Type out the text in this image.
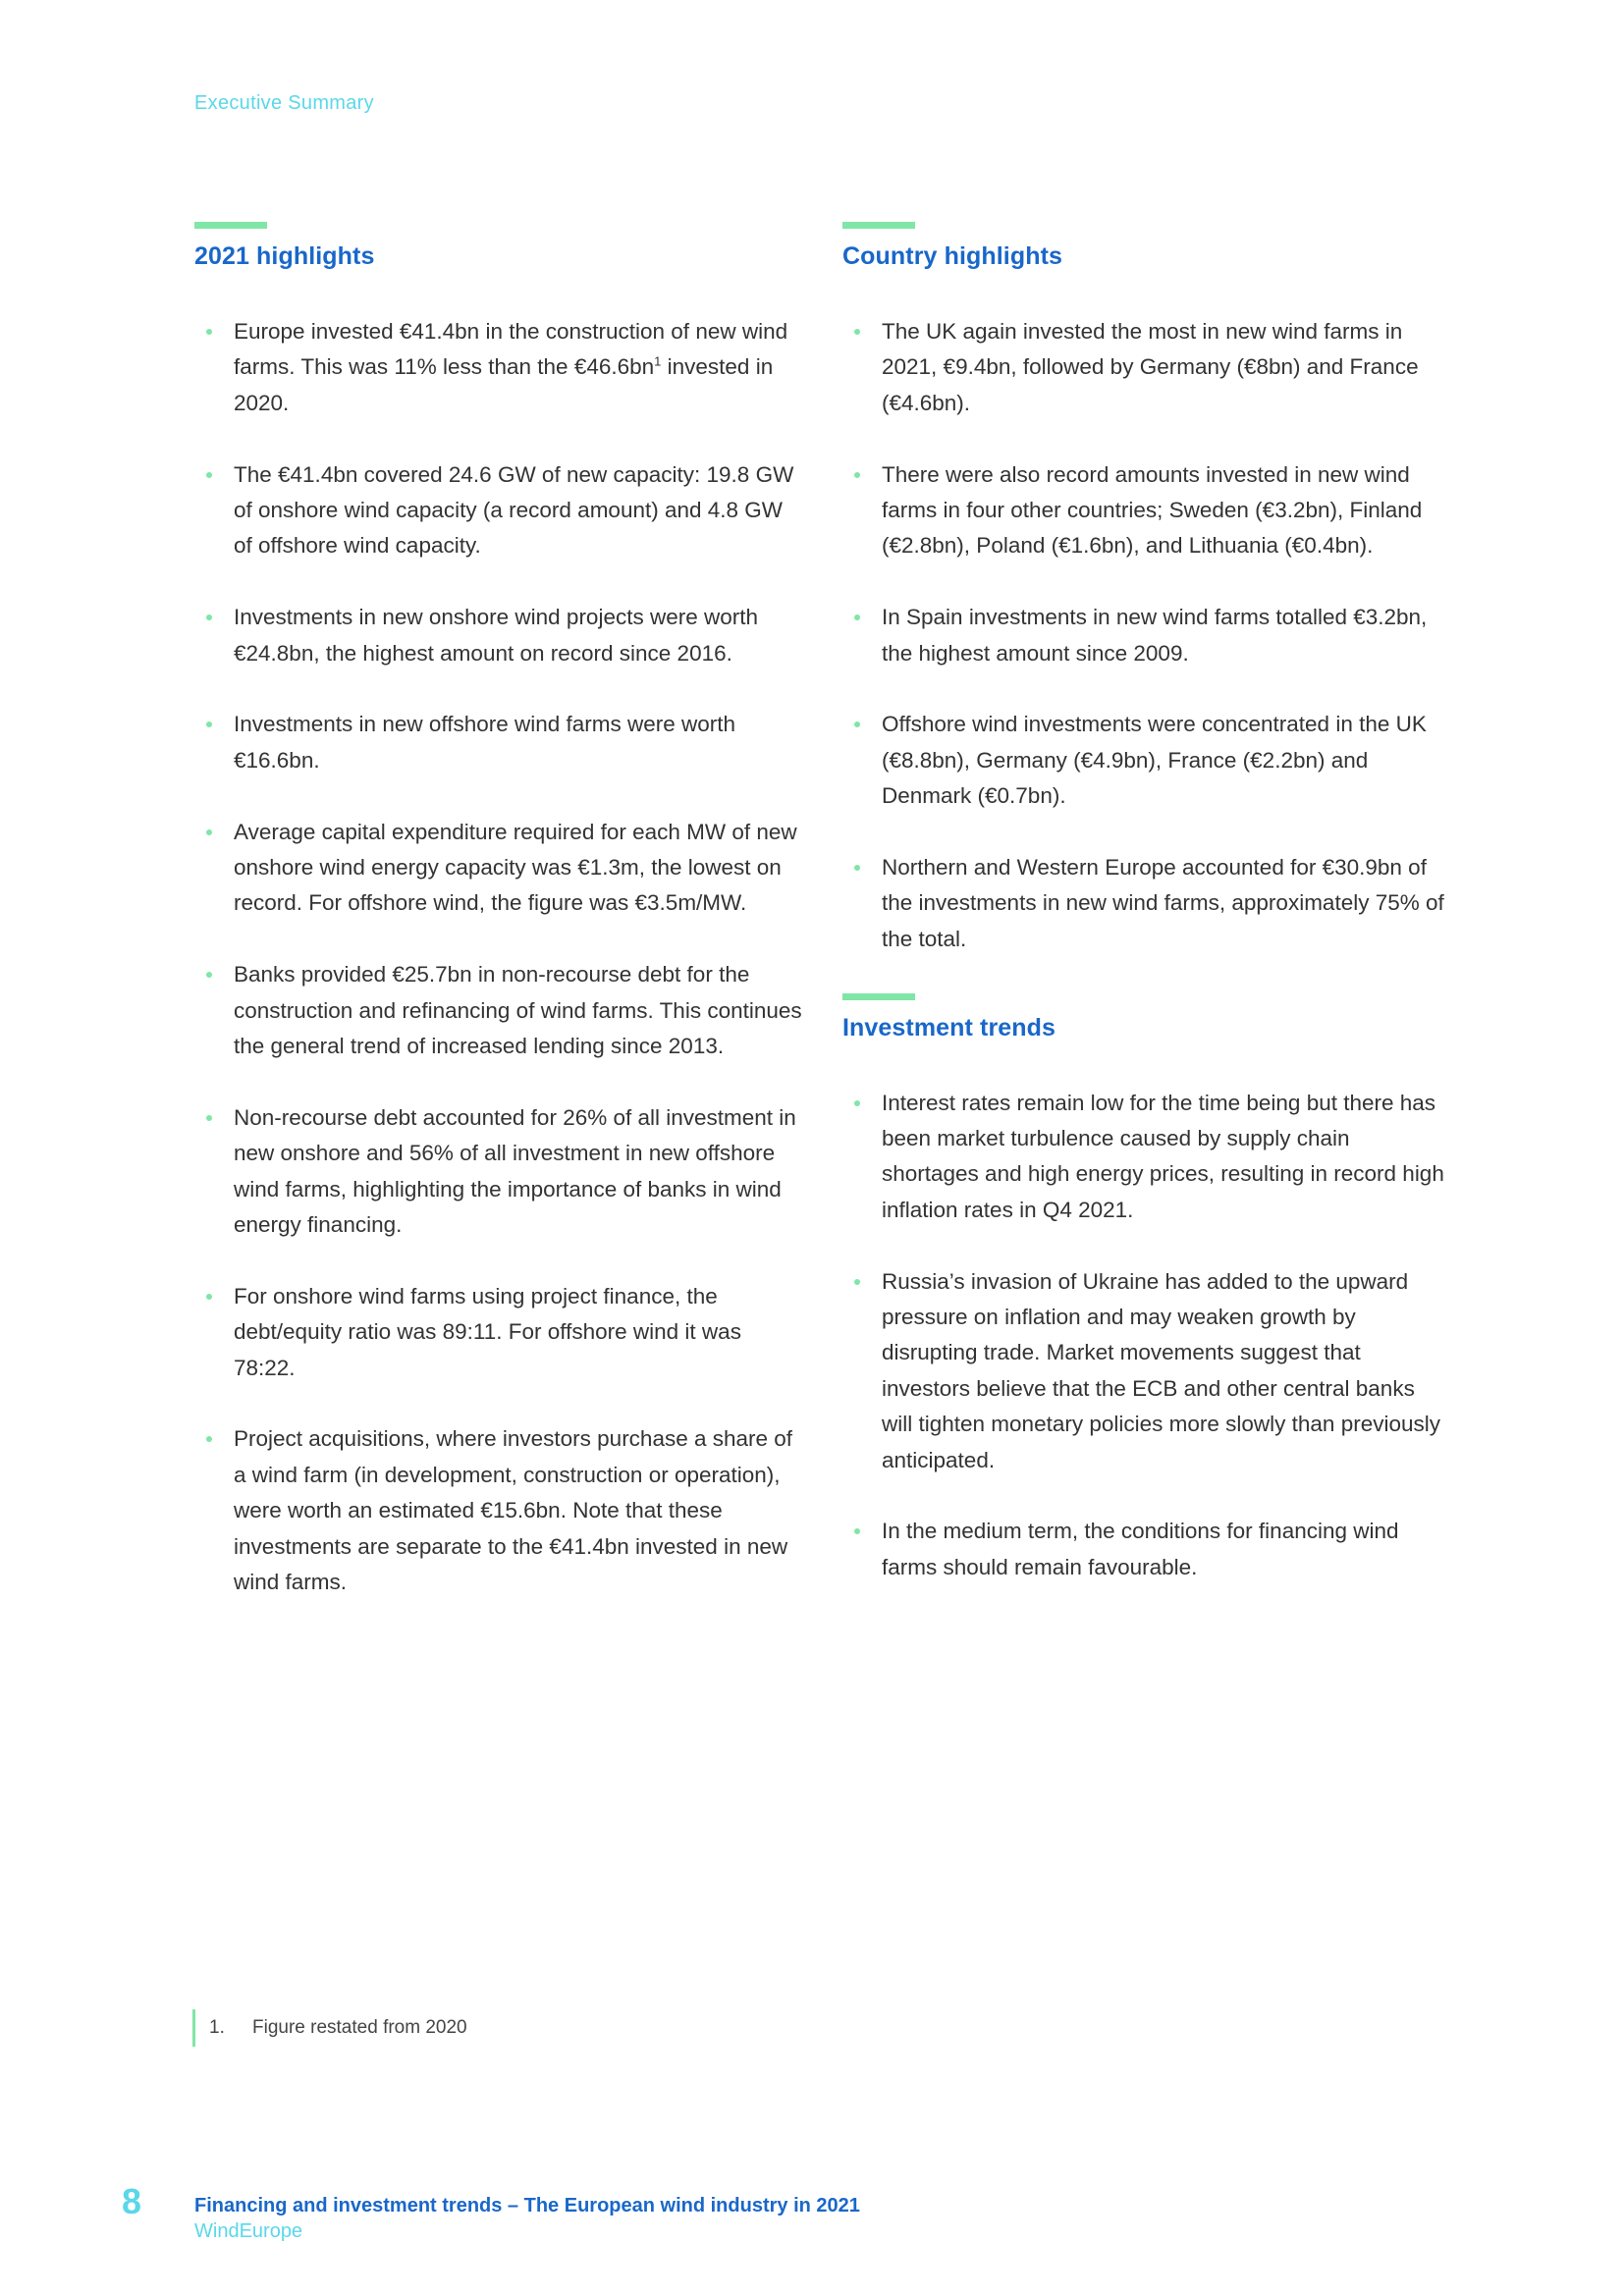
Executive Summary
2021 highlights
Europe invested €41.4bn in the construction of new wind farms. This was 11% less than the $€46.6bn^1$ invested in 2020.
The €41.4bn covered 24.6 GW of new capacity: 19.8 GW of onshore wind capacity (a record amount) and 4.8 GW of offshore wind capacity.
Investments in new onshore wind projects were worth €24.8bn, the highest amount on record since 2016.
Investments in new offshore wind farms were worth €16.6bn.
Average capital expenditure required for each MW of new onshore wind energy capacity was €1.3m, the lowest on record. For offshore wind, the figure was €3.5m/MW.
Banks provided €25.7bn in non-recourse debt for the construction and refinancing of wind farms. This continues the general trend of increased lending since 2013.
Non-recourse debt accounted for 26% of all investment in new onshore and 56% of all investment in new offshore wind farms, highlighting the importance of banks in wind energy financing.
For onshore wind farms using project finance, the debt/equity ratio was 89:11. For offshore wind it was 78:22.
Project acquisitions, where investors purchase a share of a wind farm (in development, construction or operation), were worth an estimated €15.6bn. Note that these investments are separate to the €41.4bn invested in new wind farms.
Country highlights
The UK again invested the most in new wind farms in 2021, €9.4bn, followed by Germany (€8bn) and France (€4.6bn).
There were also record amounts invested in new wind farms in four other countries; Sweden (€3.2bn), Finland (€2.8bn), Poland (€1.6bn), and Lithuania (€0.4bn).
In Spain investments in new wind farms totalled €3.2bn, the highest amount since 2009.
Offshore wind investments were concentrated in the UK (€8.8bn), Germany (€4.9bn), France (€2.2bn) and Denmark (€0.7bn).
Northern and Western Europe accounted for €30.9bn of the investments in new wind farms, approximately 75% of the total.
Investment trends
Interest rates remain low for the time being but there has been market turbulence caused by supply chain shortages and high energy prices, resulting in record high inflation rates in Q4 2021.
Russia’s invasion of Ukraine has added to the upward pressure on inflation and may weaken growth by disrupting trade. Market movements suggest that investors believe that the ECB and other central banks will tighten monetary policies more slowly than previously anticipated.
In the medium term, the conditions for financing wind farms should remain favourable.
1. Figure restated from 2020
8	Financing and investment trends – The European wind industry in 2021
WindEurope
